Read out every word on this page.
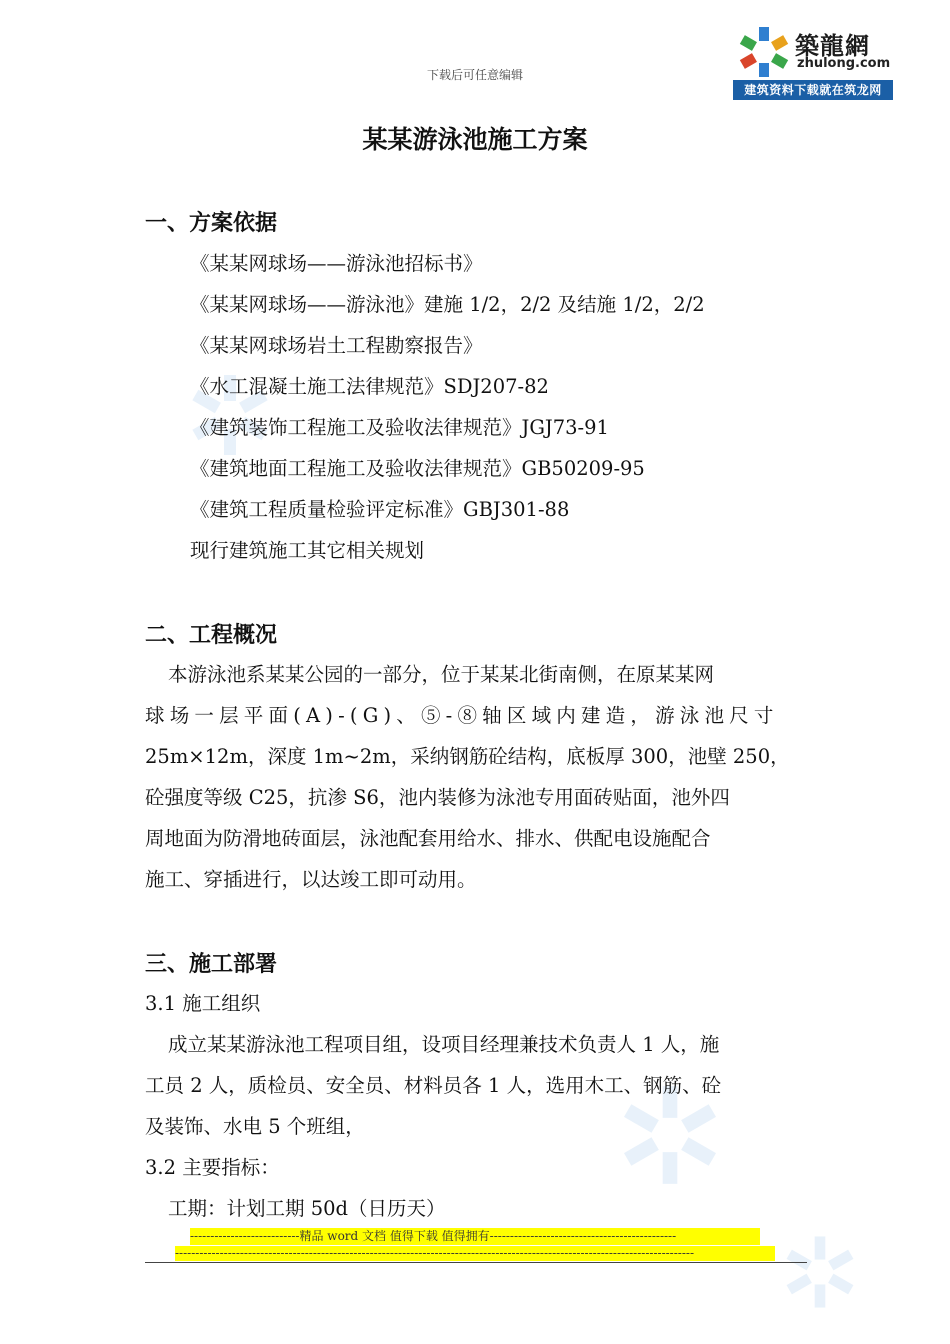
下载后可任意编辑
築龍網
zhulong.com
建筑资料下载就在筑龙网
某某游泳池施工方案
一、方案依据
《某某网球场——游泳池招标书》
《某某网球场——游泳池》建施 1/2，2/2 及结施 1/2，2/2
《某某网球场岩土工程勘察报告》
《水工混凝土施工法律规范》SDJ207-82
《建筑装饰工程施工及验收法律规范》JGJ73-91
《建筑地面工程施工及验收法律规范》GB50209-95
《建筑工程质量检验评定标准》GBJ301-88
现行建筑施工其它相关规划
二、工程概况
本游泳池系某某公园的一部分，位于某某北街南侧，在原某某网
球场一层平面(A)-(G)、⑤-⑧轴区域内建造，游泳池尺寸
25m×12m，深度 1m~2m，采纳钢筋砼结构，底板厚 300，池壁 250，
砼强度等级 C25，抗渗 S6，池内装修为泳池专用面砖贴面，池外四
周地面为防滑地砖面层，泳池配套用给水、排水、供配电设施配合
施工、穿插进行，以达竣工即可动用。
三、施工部署
3.1 施工组织
成立某某游泳池工程项目组，设项目经理兼技术负责人 1 人，施
工员 2 人，质检员、安全员、材料员各 1 人，选用木工、钢筋、砼
及装饰、水电 5 个班组，
3.2 主要指标：
工期：计划工期 50d（日历天）
---------------------------精品 word 文档 值得下载 值得拥有----------------------------------------------
--------------------------------------------------------------------------------------------------------------------------------
